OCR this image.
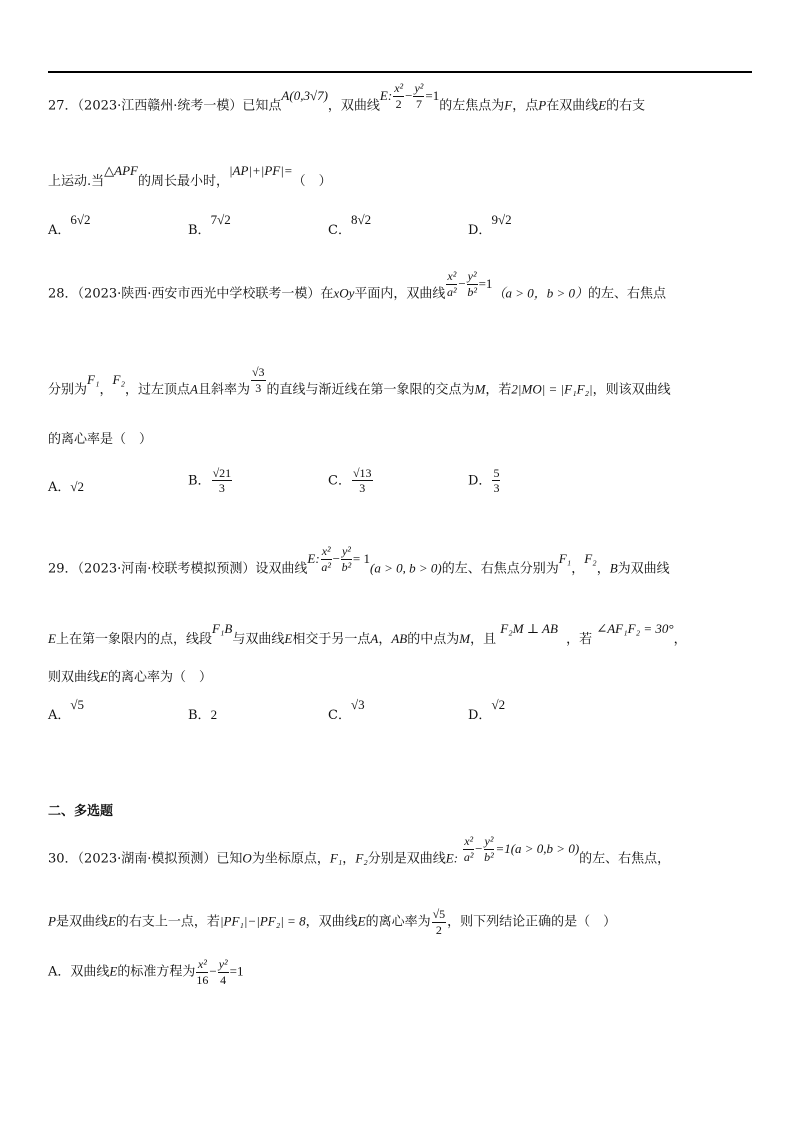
27．（2023·江西赣州·统考一模）已知点A(0,3√7)，双曲线E: $\frac{\text{x²}}{2} - \frac{\text{y²}}{7} =1$的左焦点为F，点P在双曲线E的右支
上运动.当△APF的周长最小时，|AP|+|PF|=（　）
A．6√2
B．7√2
C．8√2
D．9√2
28．（2023·陕西·西安市西光中学校联考一模）在xOy平面内，双曲线 $\frac{\text{x²}}{\text{a²}} - \frac{\text{y²}}{\text{b²}} =1(a > 0$，b > 0）的左、右焦点
分别为F₁，F₂，过左顶点A且斜率为 $\frac{√3}{3}$ 的直线与渐近线在第一象限的交点为M，若2|MO| = |F₁F₂|，则该双曲线
的离心率是（　）
A．√2	B． $\frac{√21}{3}$	C． $\frac{√13}{3}$	D． $\frac{5}{3}$
29．（2023·河南·校联考模拟预测）设双曲线E: $\frac{\text{x²}}{\text{a²}} - \frac{\text{y²}}{\text{b²}} = 1(a > 0$, b > 0)的左、右焦点分别为F₁，F₂，B为双曲线
E上在第一象限内的点，线段F₁B与双曲线E相交于另一点A，AB的中点为M，且 F₂M ⊥ AB  ，若 ∠AF₁F₂ = 30°，
则双曲线E的离心率为（　）
A．√5
B．2	C．√3
D．√2
二、多选题
30．（2023·湖南·模拟预测）已知O为坐标原点，F₁，F₂分别是双曲线E: $\frac{\text{x²}}{\text{a²}} - \frac{\text{y²}}{\text{b²}} =1(a > 0,b > 0)$的左、右焦点，
P是双曲线E的右支上一点，若|PF₁|−|PF₂| = 8，双曲线E的离心率为 $\frac{√5}{2}$ ，则下列结论正确的是（　）
A．双曲线E的标准方程为 $\frac{\text{x²}}{16} - \frac{\text{y²}}{4} =1$
